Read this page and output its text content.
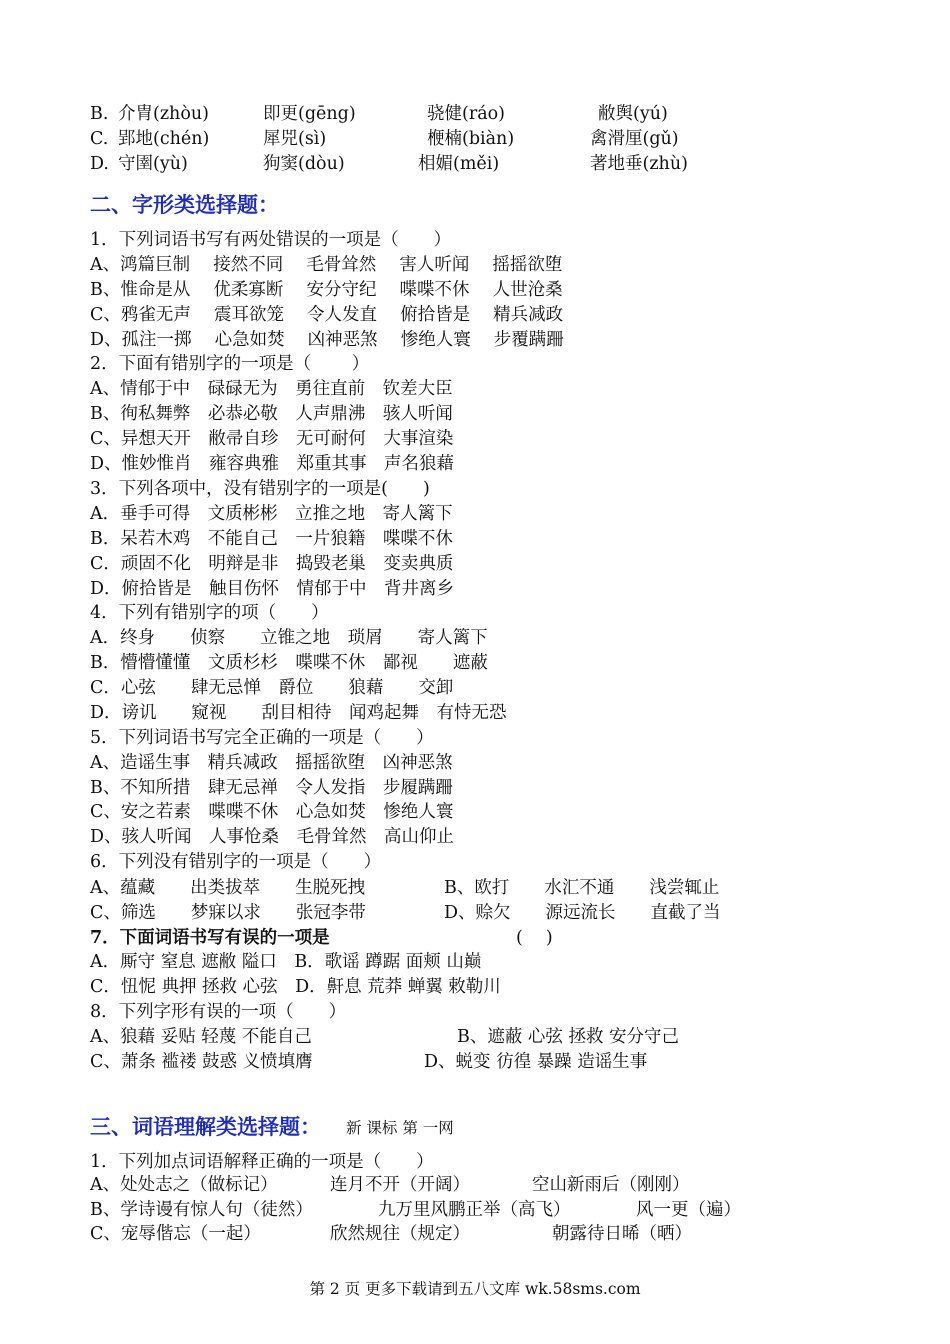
B. 介胄(zhòu)	即更(gēng)	骁健(ráo)	敝舆(yú)
C. 郢地(chén)	犀兕(sì)	楩楠(biàn)	禽滑厘(gǔ)
D. 守圉(yù)	狗窦(dòu)	相媚(měi)	著地垂(zhù)
二、字形类选择题：
1．下列词语书写有两处错误的一项是（　　）
A、鸿篇巨制　 接然不同　 毛骨耸然　 害人听闻　 摇摇欲堕
B、惟命是从　 优柔寡断　 安分守纪　 喋喋不休　 人世沧桑
C、鸦雀无声　 震耳欲笼　 令人发直　 俯拾皆是　 精兵减政
D、孤注一掷　 心急如焚　 凶神恶煞　 惨绝人寰　 步覆蹒跚
2．下面有错别字的一项是（　　 ）
A、情郁于中　碌碌无为　勇往直前　钦差大臣
B、徇私舞弊　必恭必敬　人声鼎沸　骇人听闻
C、异想天开　敝帚自珍　无可耐何　大事渲染
D、惟妙惟肖　雍容典雅　郑重其事　声名狼藉
3．下列各项中，没有错别字的一项是(　　)
A．垂手可得　文质彬彬　立推之地　寄人篱下
B．呆若木鸡　不能自己　一片狼籍　喋喋不休
C．顽固不化　明辩是非　捣毁老巢　变卖典质
D．俯拾皆是　触目伤怀　情郁于中　背井离乡
4．下列有错别字的项（　　）
A．终身　　侦察　　立锥之地　琐屑　　寄人篱下
B．懵懵懂懂　文质杉杉　喋喋不休　鄙视　　遮蔽
C．心弦　　肆无忌惮　爵位　　狼藉　　交卸
D．谤讥　　窥视　　刮目相待　闻鸡起舞　有恃无恐
5．下列词语书写完全正确的一项是（　　）
A、造谣生事　精兵减政　摇摇欲堕　凶神恶煞
B、不知所措　肆无忌禅　令人发指　步履蹒跚
C、安之若素　喋喋不休　心急如焚　惨绝人寰
D、骇人听闻　人事怆桑　毛骨耸然　高山仰止
6．下列没有错别字的一项是（　　）
A、蕴藏　　出类拔萃　　生脱死拽	B、欧打　　水汇不通　　浅尝辄止
C、筛选　　梦寐以求　　张冠李带	D、赊欠　　源远流长　　直截了当
7．下面词语书写有误的一项是	(　 )
A．厮守 窒息 遮敝 隘口　B．歌谣 蹲踞 面颊 山巅
C．忸怩 典押 拯救 心弦　D．鼾息 荒莽 蝉翼 敕勒川
8．下列字形有误的一项（　　）
A、狼藉 妥贴 轻蔑 不能自己	B、遮蔽 心弦 拯救 安分守己
C、萧条 褴褛 鼓惑 义愤填膺	D、蜕变 彷徨 暴躁 造谣生事
三、词语理解类选择题： 新 课标 第 一网
1．下列加点词语解释正确的一项是（　　）
A、处处志之（做标记）	连月不开（开阔）	空山新雨后（刚刚）
B、学诗谩有惊人句（徒然）	九万里风鹏正举（高飞）	风一更（遍）
C、宠辱偕忘（一起）	欣然规往（规定）	朝露待日晞（晒）
第 2 页 更多下载请到五八文库 wk.58sms.com
